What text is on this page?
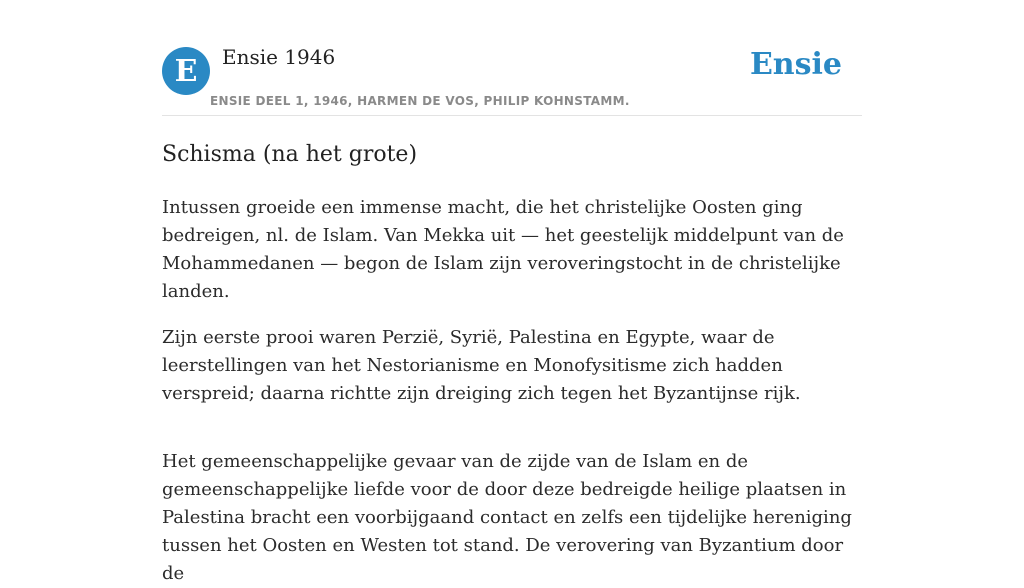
E	Ensie 1946
ENSIE DEEL 1, 1946, HARMEN DE VOS, PHILIP KOHNSTAMM.
Ensie
Schisma (na het grote)

Intussen groeide een immense macht, die het christelijke Oosten ging bedreigen, nl. de Islam. Van Mekka uit — het geestelijk middelpunt van de Mohammedanen — begon de Islam zijn veroveringstocht in de christelijke landen.

Zijn eerste prooi waren Perzië, Syrië, Palestina en Egypte, waar de leerstellingen van het Nestorianisme en Monofysitisme zich hadden verspreid; daarna richtte zijn dreiging zich tegen het Byzantijnse rijk.

Het gemeenschappelijke gevaar van de zijde van de Islam en de gemeenschappelijke liefde voor de door deze bedreigde heilige plaatsen in Palestina bracht een voorbijgaand contact en zelfs een tijdelijke hereniging tussen het Oosten en Westen tot stand. De verovering van Byzantium door de
